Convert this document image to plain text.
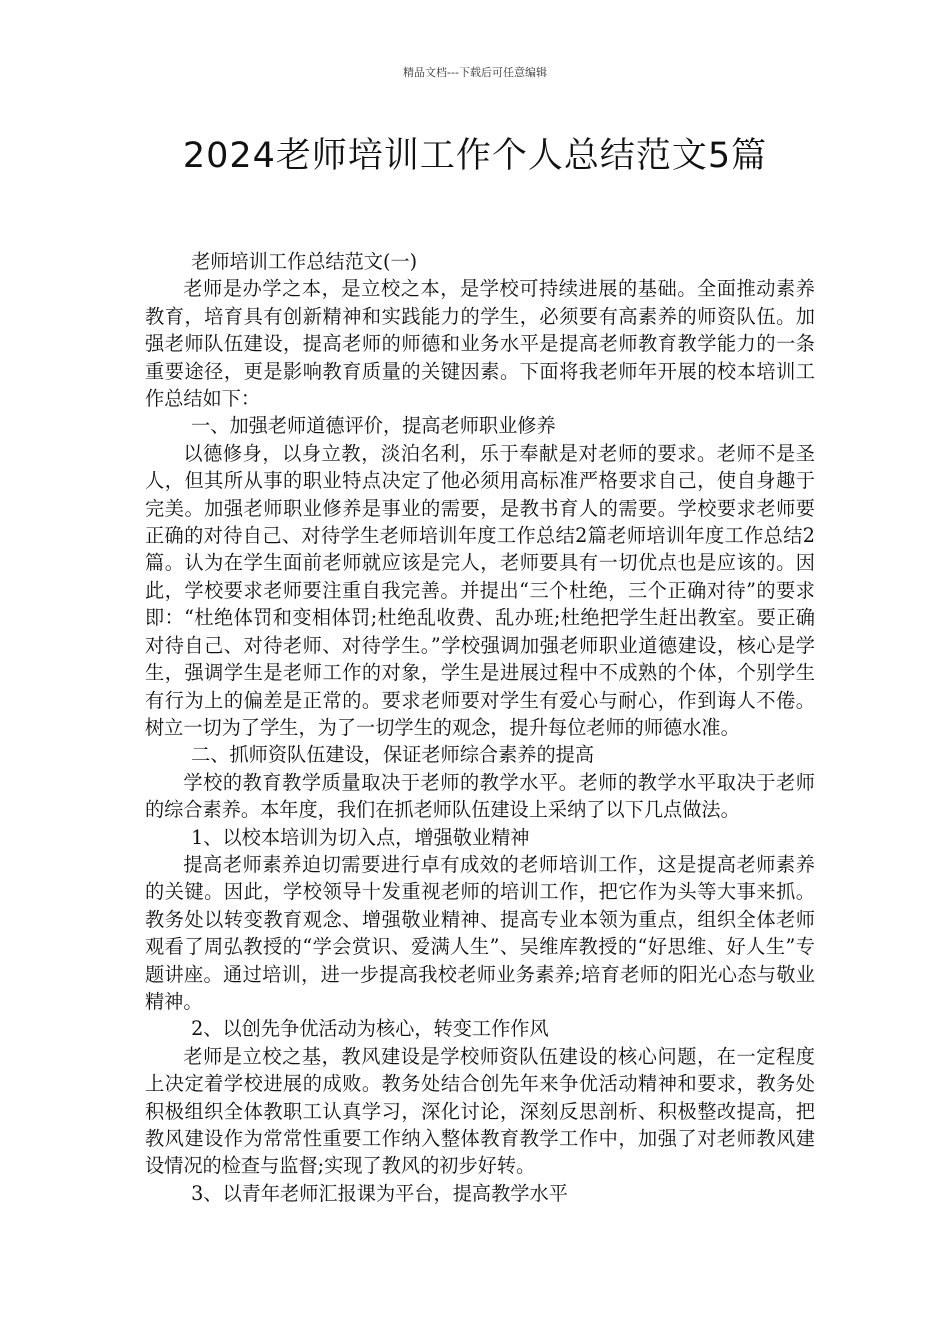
精品文档---下载后可任意编辑
2024老师培训工作个人总结范文5篇

老师培训工作总结范文(一)

老师是办学之本，是立校之本，是学校可持续进展的基础。全面推动素养教育，培育具有创新精神和实践能力的学生，必须要有高素养的师资队伍。加强老师队伍建设，提高老师的师德和业务水平是提高老师教育教学能力的一条重要途径，更是影响教育质量的关键因素。下面将我老师年开展的校本培训工作总结如下：

一、加强老师道德评价，提高老师职业修养

以德修身，以身立教，淡泊名利，乐于奉献是对老师的要求。老师不是圣人，但其所从事的职业特点决定了他必须用高标准严格要求自己，使自身趣于完美。加强老师职业修养是事业的需要，是教书育人的需要。学校要求老师要正确的对待自己、对待学生老师培训年度工作总结2篇老师培训年度工作总结2篇。认为在学生面前老师就应该是完人，老师要具有一切优点也是应该的。因此，学校要求老师要注重自我完善。并提出“三个杜绝，三个正确对待”的要求即：“杜绝体罚和变相体罚;杜绝乱收费、乱办班;杜绝把学生赶出教室。要正确对待自己、对待老师、对待学生。”学校强调加强老师职业道德建设，核心是学生，强调学生是老师工作的对象，学生是进展过程中不成熟的个体，个别学生有行为上的偏差是正常的。要求老师要对学生有爱心与耐心，作到诲人不倦。树立一切为了学生，为了一切学生的观念，提升每位老师的师德水准。

二、抓师资队伍建设，保证老师综合素养的提高

学校的教育教学质量取决于老师的教学水平。老师的教学水平取决于老师的综合素养。本年度，我们在抓老师队伍建设上采纳了以下几点做法。

1、以校本培训为切入点，增强敬业精神

提高老师素养迫切需要进行卓有成效的老师培训工作，这是提高老师素养的关键。因此，学校领导十发重视老师的培训工作，把它作为头等大事来抓。教务处以转变教育观念、增强敬业精神、提高专业本领为重点，组织全体老师观看了周弘教授的“学会赏识、爱满人生”、吴维库教授的“好思维、好人生”专题讲座。通过培训，进一步提高我校老师业务素养;培育老师的阳光心态与敬业精神。

2、以创先争优活动为核心，转变工作作风

老师是立校之基，教风建设是学校师资队伍建设的核心问题，在一定程度上决定着学校进展的成败。教务处结合创先年来争优活动精神和要求，教务处积极组织全体教职工认真学习，深化讨论，深刻反思剖析、积极整改提高，把教风建设作为常常性重要工作纳入整体教育教学工作中，加强了对老师教风建设情况的检查与监督;实现了教风的初步好转。

3、以青年老师汇报课为平台，提高教学水平
